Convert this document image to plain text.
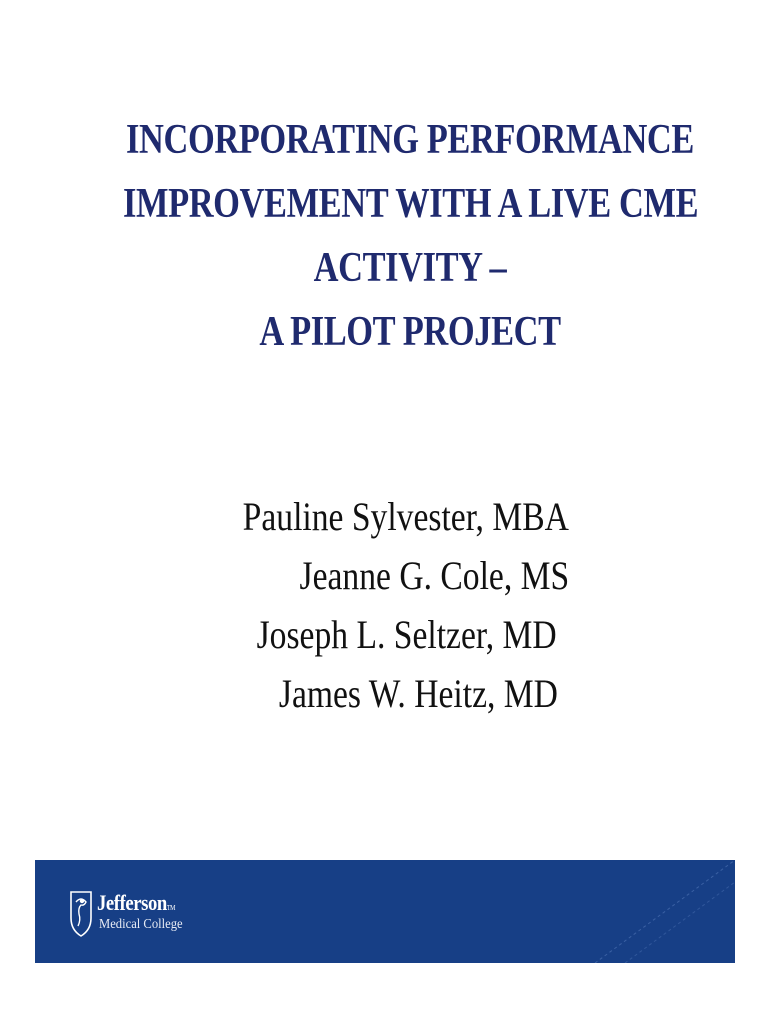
INCORPORATING PERFORMANCE
IMPROVEMENT WITH A LIVE CME
ACTIVITY –
A PILOT PROJECT
Pauline Sylvester, MBA
Jeanne G. Cole, MS
Joseph L. Seltzer, MD
James W. Heitz, MD
JeffersonTM
Medical College
